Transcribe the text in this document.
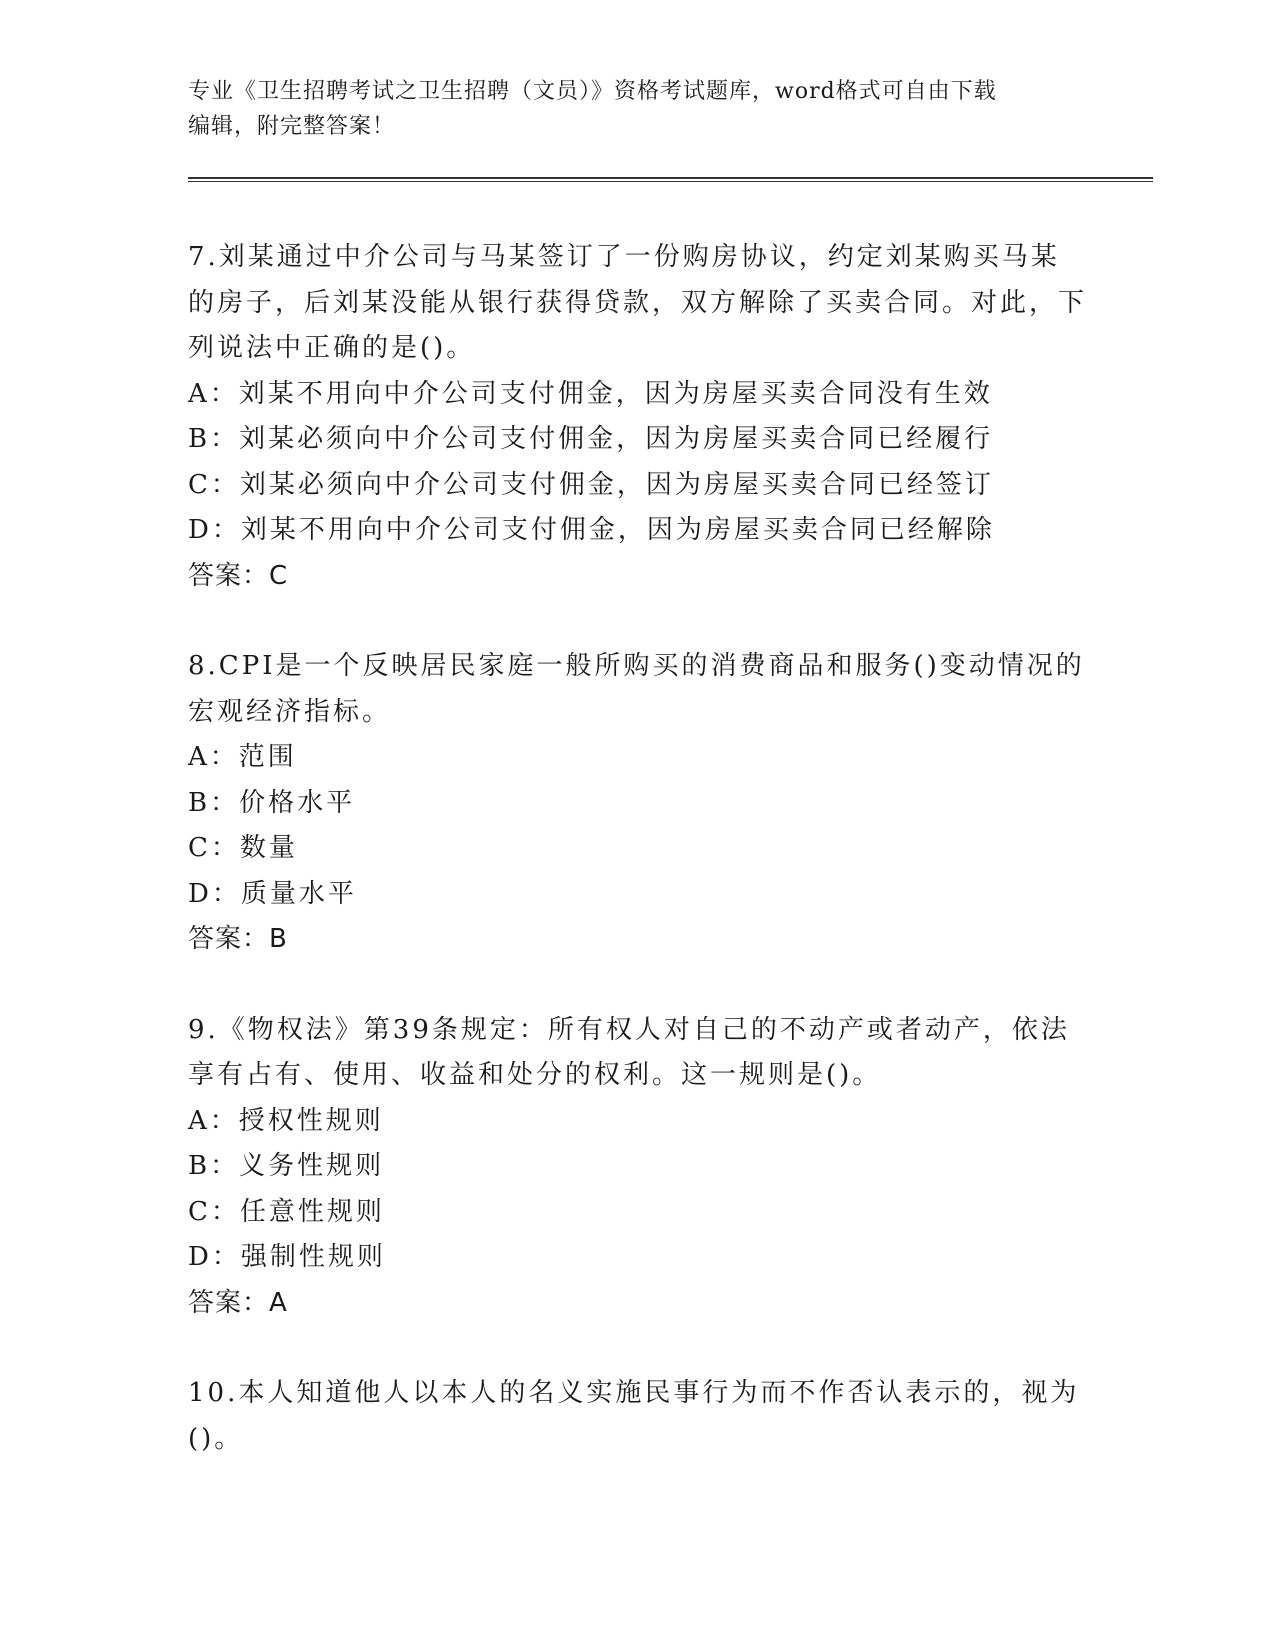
专业《卫生招聘考试之卫生招聘（文员）》资格考试题库，word格式可自由下载
编辑，附完整答案！

7.刘某通过中介公司与马某签订了一份购房协议，约定刘某购买马某的房子，后刘某没能从银行获得贷款，双方解除了买卖合同。对此，下列说法中正确的是()。

A：刘某不用向中介公司支付佣金，因为房屋买卖合同没有生效

B：刘某必须向中介公司支付佣金，因为房屋买卖合同已经履行

C：刘某必须向中介公司支付佣金，因为房屋买卖合同已经签订

D：刘某不用向中介公司支付佣金，因为房屋买卖合同已经解除

答案：C

8.CPI是一个反映居民家庭一般所购买的消费商品和服务()变动情况的宏观经济指标。

A：范围

B：价格水平

C：数量

D：质量水平

答案：B

9.《物权法》第39条规定：所有权人对自己的不动产或者动产，依法享有占有、使用、收益和处分的权利。这一规则是()。

A：授权性规则

B：义务性规则

C：任意性规则

D：强制性规则

答案：A

10.本人知道他人以本人的名义实施民事行为而不作否认表示的，视为()。
